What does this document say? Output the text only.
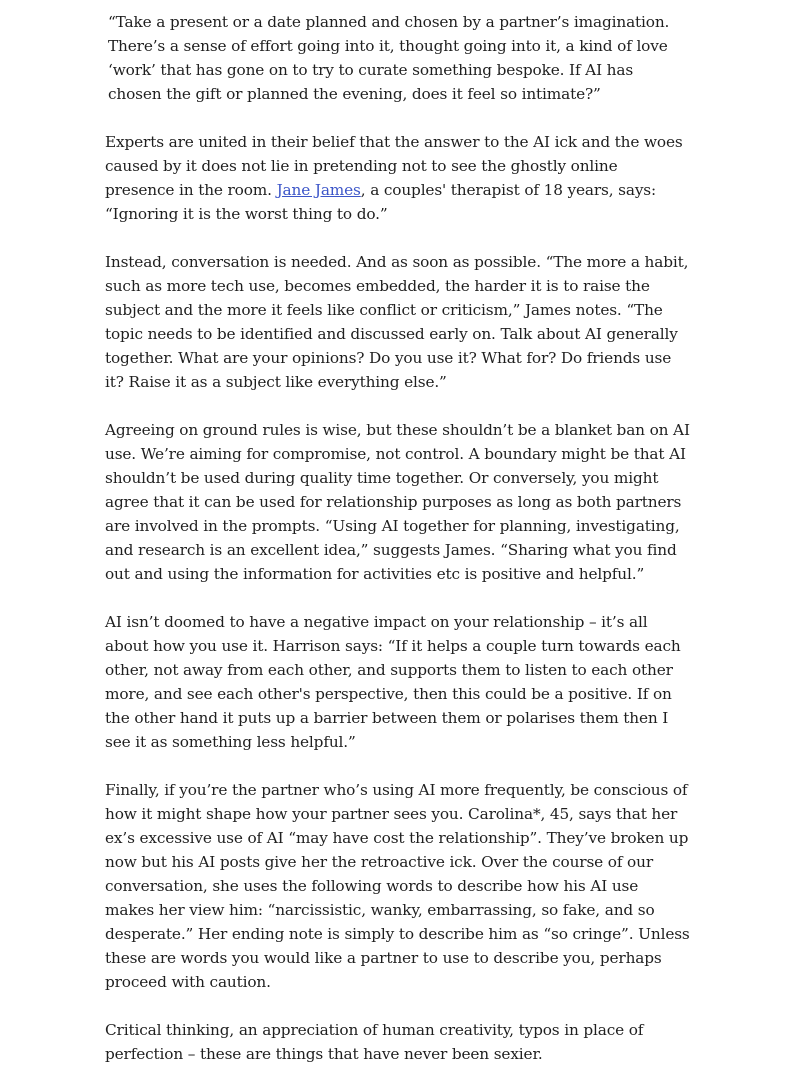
“Take a present or a date planned and chosen by a partner’s imagination. There’s a sense of effort going into it, thought going into it, a kind of love ‘work’ that has gone on to try to curate something bespoke. If AI has chosen the gift or planned the evening, does it feel so intimate?”

Experts are united in their belief that the answer to the AI ick and the woes caused by it does not lie in pretending not to see the ghostly online presence in the room. Jane James, a couples' therapist of 18 years, says: “Ignoring it is the worst thing to do.”

Instead, conversation is needed. And as soon as possible. “The more a habit, such as more tech use, becomes embedded, the harder it is to raise the subject and the more it feels like conflict or criticism,” James notes. “The topic needs to be identified and discussed early on. Talk about AI generally together. What are your opinions? Do you use it? What for? Do friends use it? Raise it as a subject like everything else.”

Agreeing on ground rules is wise, but these shouldn’t be a blanket ban on AI use. We’re aiming for compromise, not control. A boundary might be that AI shouldn’t be used during quality time together. Or conversely, you might agree that it can be used for relationship purposes as long as both partners are involved in the prompts. “Using AI together for planning, investigating, and research is an excellent idea,” suggests James. “Sharing what you find out and using the information for activities etc is positive and helpful.”

AI isn’t doomed to have a negative impact on your relationship – it’s all about how you use it. Harrison says: “If it helps a couple turn towards each other, not away from each other, and supports them to listen to each other more, and see each other's perspective, then this could be a positive. If on the other hand it puts up a barrier between them or polarises them then I see it as something less helpful.”

Finally, if you’re the partner who’s using AI more frequently, be conscious of how it might shape how your partner sees you. Carolina*, 45, says that her ex’s excessive use of AI “may have cost the relationship”. They’ve broken up now but his AI posts give her the retroactive ick. Over the course of our conversation, she uses the following words to describe how his AI use makes her view him: “narcissistic, wanky, embarrassing, so fake, and so desperate.” Her ending note is simply to describe him as “so cringe”. Unless these are words you would like a partner to use to describe you, perhaps proceed with caution.

Critical thinking, an appreciation of human creativity, typos in place of perfection – these are things that have never been sexier.
